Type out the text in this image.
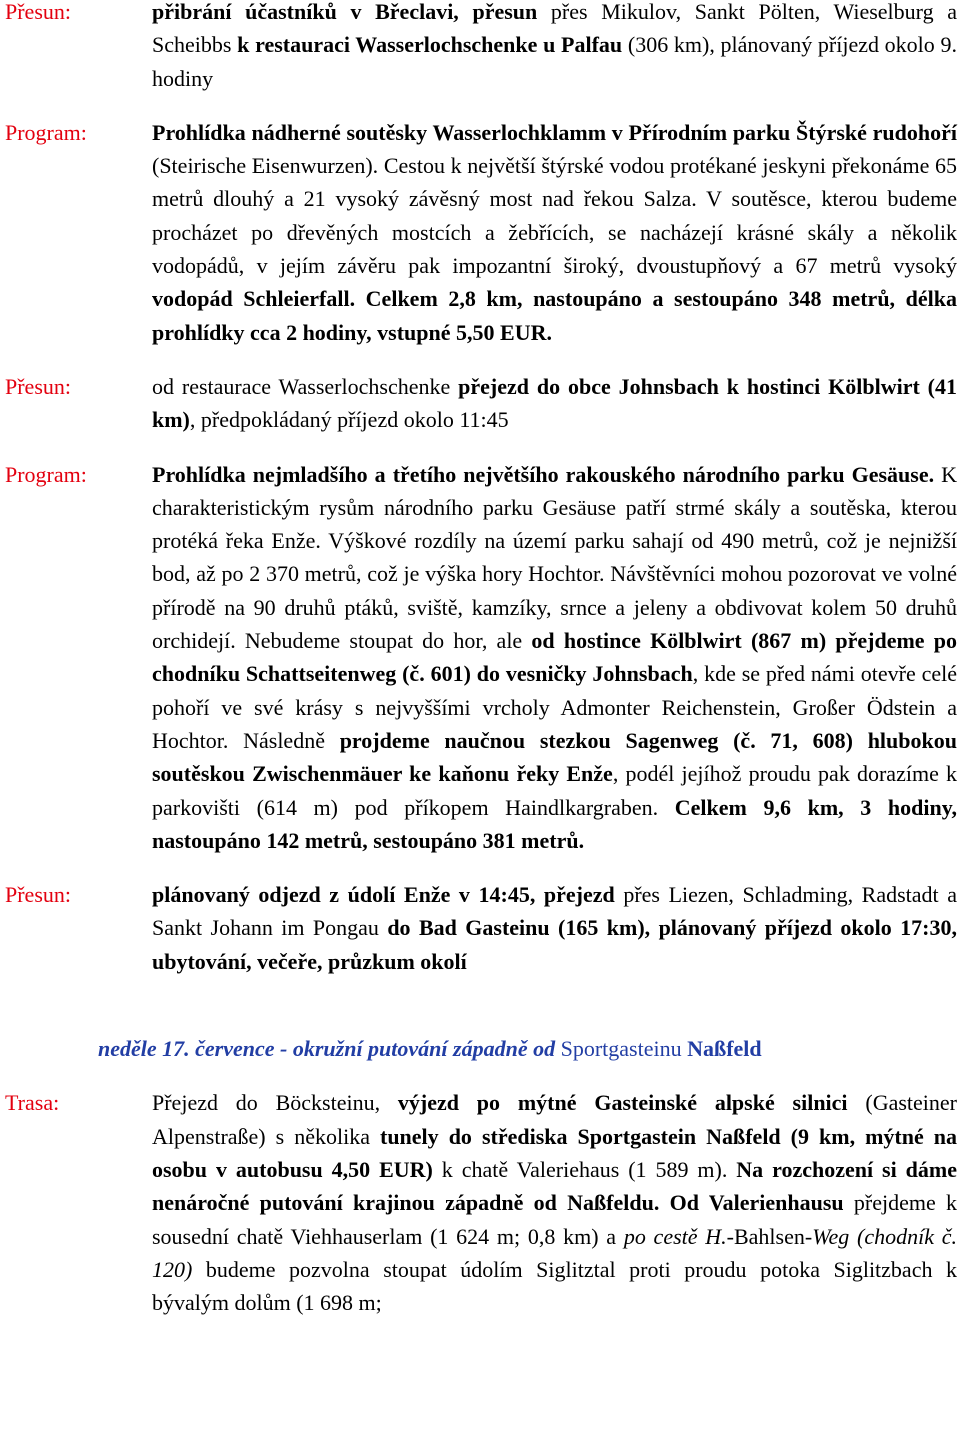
Přesun:	přibrání účastníků v Břeclavi, přesun přes Mikulov, Sankt Pölten, Wieselburg a Scheibbs k restauraci Wasserlochschenke u Palfau (306 km), plánovaný příjezd okolo 9. hodiny
Program:	Prohlídka nádherné soutěsky Wasserlochklamm v Přírodním parku Štýrské rudohoří (Steirische Eisenwurzen). Cestou k největší štýrské vodou protékané jeskyni překonáme 65 metrů dlouhý a 21 vysoký závěsný most nad řekou Salza. V soutěsce, kterou budeme procházet po dřevěných mostcích a žebřících, se nacházejí krásné skály a několik vodopádů, v jejím závěru pak impozantní široký, dvoustupňový a 67 metrů vysoký vodopád Schleierfall. Celkem 2,8 km, nastoupáno a sestoupáno 348 metrů, délka prohlídky cca 2 hodiny, vstupné 5,50 EUR.
Přesun:	od restaurace Wasserlochschenke přejezd do obce Johnsbach k hostinci Kölblwirt (41 km), předpokládaný příjezd okolo 11:45
Program:	Prohlídka nejmladšího a třetího největšího rakouského národního parku Gesäuse. K charakteristickým rysům národního parku Gesäuse patří strmé skály a soutěska, kterou protéká řeka Enže. Výškové rozdíly na území parku sahají od 490 metrů, což je nejnižší bod, až po 2 370 metrů, což je výška hory Hochtor. Návštěvníci mohou pozorovat ve volné přírodě na 90 druhů ptáků, sviště, kamzíky, srnce a jeleny a obdivovat kolem 50 druhů orchidejí. Nebudeme stoupat do hor, ale od hostince Kölblwirt (867 m) přejdeme po chodníku Schattseitenweg (č. 601) do vesničky Johnsbach, kde se před námi otevře celé pohoří ve své krásy s nejvyššími vrcholy Admonter Reichenstein, Großer Ödstein a Hochtor. Následně projdeme naučnou stezkou Sagenweg (č. 71, 608) hlubokou soutěskou Zwischenmäuer ke kaňonu řeky Enže, podél jejíhož proudu pak dorazíme k parkovišti (614 m) pod příkopem Haindlkargraben. Celkem 9,6 km, 3 hodiny, nastoupáno 142 metrů, sestoupáno 381 metrů.
Přesun:	plánovaný odjezd z údolí Enže v 14:45, přejezd přes Liezen, Schladming, Radstadt a Sankt Johann im Pongau do Bad Gasteinu (165 km), plánovaný příjezd okolo 17:30, ubytování, večeře, průzkum okolí
neděle 17. července - okružní putování západně od Sportgasteinu Naßfeld
Trasa:	Přejezd do Böcksteinu, výjezd po mýtné Gasteinské alpské silnici (Gasteiner Alpenstraße) s několika tunely do střediska Sportgastein Naßfeld (9 km, mýtné na osobu v autobusu 4,50 EUR) k chatě Valeriehaus (1 589 m). Na rozchození si dáme nenáročné putování krajinou západně od Naßfeldu. Od Valerienhausu přejdeme k sousední chatě Viehhauserlam (1 624 m; 0,8 km) a po cestě H.-Bahlsen-Weg (chodník č. 120) budeme pozvolna stoupat údolím Siglitztal proti proudu potoka Siglitzbach k bývalým dolům (1 698 m;
